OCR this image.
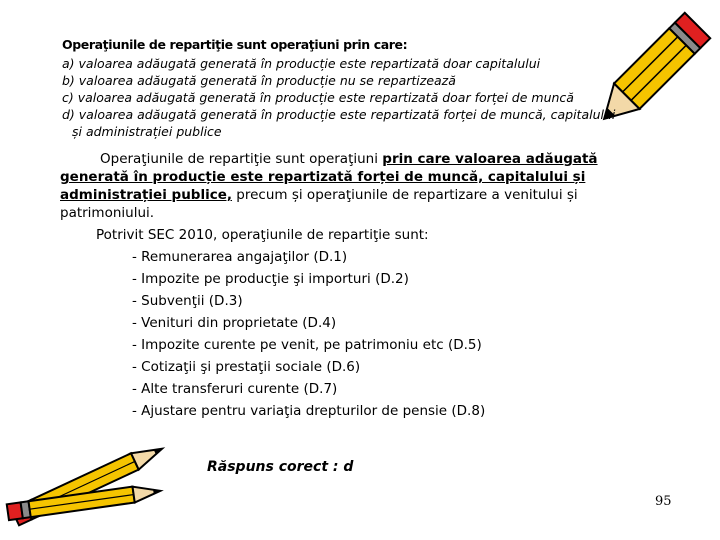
Operaţiunile de repartiţie sunt operaţiuni prin care:

a) valoarea adăugată generată în producție este repartizată doar capitalului

b) valoarea adăugată generată în producție nu se repartizează

c) valoarea adăugată generată în producție este repartizată doar forței de muncă

d) valoarea adăugată generată în producție este repartizată forței de muncă, capitalului

și administrației publice

Operaţiunile de repartiţie sunt operaţiuni prin care valoarea adăugată generată în producție este repartizată forței de muncă, capitalului și administrației publice, precum și operaţiunile de repartizare a venitului și patrimoniului.

Potrivit SEC 2010, operaţiunile de repartiţie sunt:

- Remunerarea angajaţilor (D.1)
- Impozite pe producţie şi importuri (D.2)
- Subvenţii (D.3)
- Venituri din proprietate (D.4)
- Impozite curente pe venit, pe patrimoniu etc (D.5)
- Cotizaţii şi prestaţii sociale (D.6)
- Alte transferuri curente (D.7)
- Ajustare pentru variaţia drepturilor de pensie (D.8)
Răspuns corect : d
95
